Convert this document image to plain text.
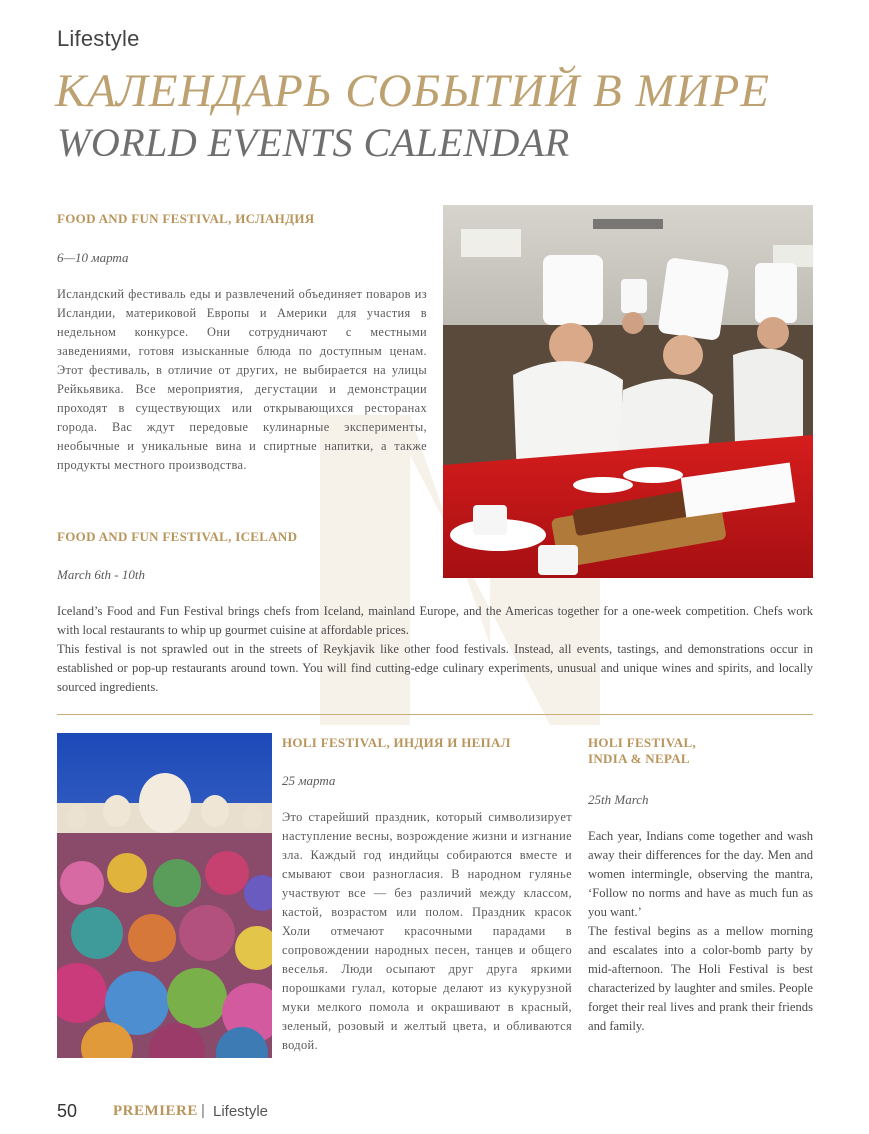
Lifestyle
КАЛЕНДАРЬ СОБЫТИЙ В МИРЕ
WORLD EVENTS CALENDAR
FOOD AND FUN FESTIVAL, ИСЛАНДИЯ
6—10 марта
Исландский фестиваль еды и развлечений объединяет поваров из Исландии, материковой Европы и Америки для участия в недельном конкурсе. Они сотрудничают с местными заведениями, готовя изысканные блюда по доступным ценам. Этот фестиваль, в отличие от других, не выбирается на улицы Рейкьявика. Все мероприятия, дегустации и демонстрации проходят в существующих или открывающихся ресторанах города. Вас ждут передовые кулинарные эксперименты, необычные и уникальные вина и спиртные напитки, а также продукты местного производства.
FOOD AND FUN FESTIVAL, ICELAND
March 6th - 10th
Iceland’s Food and Fun Festival brings chefs from Iceland, mainland Europe, and the Americas together for a one-week competition. Chefs work with local restaurants to whip up gourmet cuisine at affordable prices.
This festival is not sprawled out in the streets of Reykjavik like other food festivals. Instead, all events, tastings, and demonstrations occur in established or pop-up restaurants around town. You will find cutting-edge culinary experiments, unusual and unique wines and spirits, and locally sourced ingredients.
HOLI FESTIVAL, ИНДИЯ И НЕПАЛ
25 марта
Это старейший праздник, который символизирует наступление весны, возрождение жизни и изгнание зла. Каждый год индийцы собираются вместе и смывают свои разногласия. В народном гулянье участвуют все — без различий между классом, кастой, возрастом или полом. Праздник красок Холи отмечают красочными парадами в сопровождении народных песен, танцев и общего веселья. Люди осыпают друг друга яркими порошками гулал, которые делают из кукурузной муки мелкого помола и окрашивают в красный, зеленый, розовый и желтый цвета, и обливаются водой.
HOLI FESTIVAL,
INDIA & NEPAL
25th March
Each year, Indians come together and wash away their differences for the day. Men and women intermingle, observing the mantra, ‘Follow no norms and have as much fun as you want.’
The festival begins as a mellow morning and escalates into a color-bomb party by mid-afternoon. The Holi Festival is best characterized by laughter and smiles. People forget their real lives and prank their friends and family.
50 PREMIERE | Lifestyle
